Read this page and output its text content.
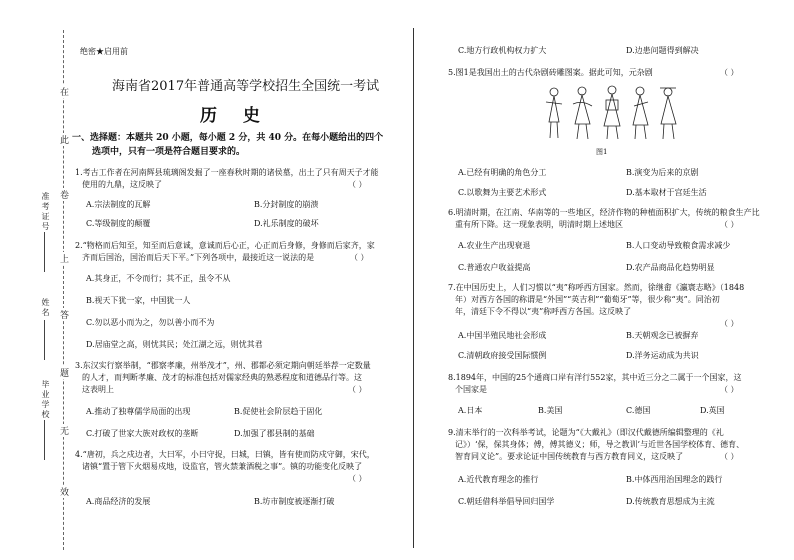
在
此
卷
上
答
题
无
效
准考证号
姓名
毕业学校
绝密★启用前
海南省2017年普通高等学校招生全国统一考试
历 史
一、选择题：本题共 20 小题，每小题 2 分，共 40 分。在每小题给出的四个
选项中，只有一项是符合题目要求的。
1.考古工作者在河南辉县琉璃阁发掘了一座春秋时期的诸侯墓，出土了只有周天子才能
使用的九鼎，这反映了	（ ）
A.宗法制度的瓦解	B.分封制度的崩溃
C.等级制度的颠覆	D.礼乐制度的破坏
2.“物格而后知至，知至而后意诚，意诚而后心正，心正而后身修，身修而后家齐，家
齐而后国治，国治而后天下平。”下列各项中，最接近这一说法的是	（ ）
A.其身正，不令而行；其不正，虽令不从
B.视天下犹一家，中国犹一人
C.勿以恶小而为之，勿以善小而不为
D.居庙堂之高，则忧其民；处江湖之远，则忧其君
3.东汉实行察举制，“郡察孝廉，州举茂才”，州、郡都必须定期向朝廷举荐一定数量
的人才，而判断孝廉、茂才的标准包括对儒家经典的熟悉程度和道德品行等。这
这表明上	（ ）
A.推动了独尊儒学局面的出现	B.促使社会阶层趋于固化
C.打破了世家大族对政权的垄断	D.加强了郡县制的基础
4.“唐初，兵之戍边者，大曰军，小曰守捉，曰城，曰镇，皆有使而防戍守御，宋代，
诸镇“置于管下火烟易戍地，设监官，管火禁兼酒税之事”。镇的功能变化反映了
（ ）
A.商品经济的发展	B.坊市制度被逐渐打破
C.地方行政机构权力扩大	D.边患问题得到解决
5.图1是我国出土的古代杂剧砖雕图案。据此可知，元杂剧	（ ）
图1
A.已经有明确的角色分工	B.演变为后来的京剧
C.以歌舞为主要艺术形式	D.基本取材于宫廷生活
6.明清时期，在江南、华南等的一些地区，经济作物的种植面积扩大，传统的粮食生产比
重有所下降。这一现象表明，明清时期上述地区	（ ）
A.农业生产出现衰退	B.人口变动导致粮食需求减少
C.普通农户收益提高	D.农产品商品化趋势明显
7.在中国历史上，人们习惯以“夷”称呼西方国家。然而，徐继畬《瀛寰志略》（1848
年）对西方各国的称谓是“外国”“英吉利”“葡萄牙”等，很少称“夷”。同治初
年，清廷下令不得以“夷”称呼西方各国。这反映了
（ ）
A.中国半殖民地社会形成	B.天朝观念已被摒弃
C.清朝政府接受国际惯例	D.洋务运动成为共识
8.1894年，中国的25个通商口岸有洋行552家，其中近三分之二属于一个国家，这
个国家是	（ ）
A.日本	B.美国	C.德国	D.英国
9.清末举行的一次科举考试，论题为“《大戴礼》（即汉代戴德所编辑整理的《礼
记》）‘保，保其身体；傅，傅其德义；师，导之教训’与近世各国学校体育、德育、
智育同义论”。要求论证中国传统教育与西方教育同义，这反映了	（ ）
A.近代教育理念的推行	B.中体西用治国理念的践行
C.朝廷借科举倡导回归国学	D.传统教育思想成为主流
